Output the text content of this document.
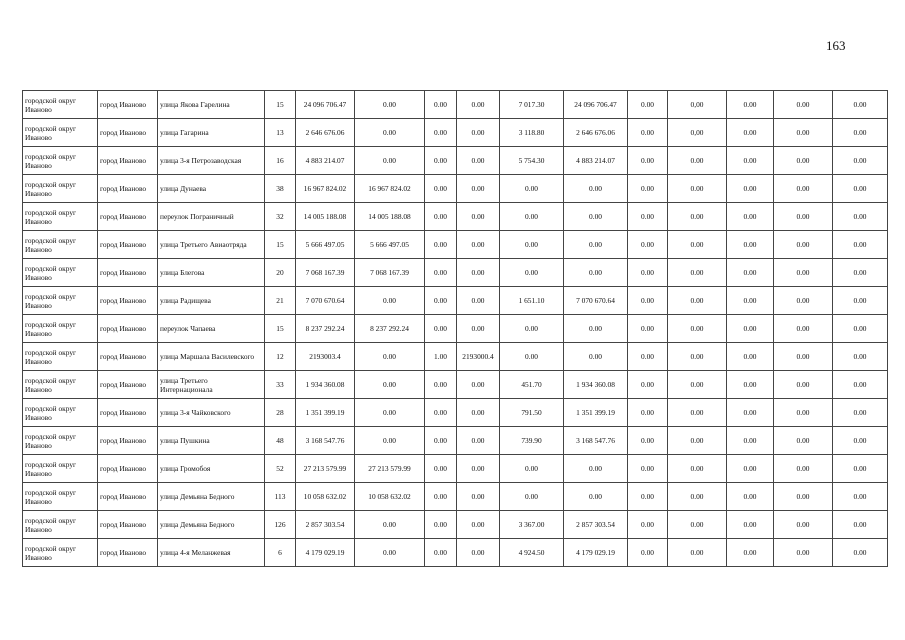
163
городской округ Иваново	город Иваново	улица Якова Гарелина	15	24 096 706.47	0.00	0.00	0.00	7 017.30	24 096 706.47	0.00	0,00	0.00	0.00	0.00
городской округ Иваново	город Иваново	улица Гагарина	13	2 646 676.06	0.00	0.00	0.00	3 118.80	2 646 676.06	0.00	0,00	0.00	0.00	0.00
городской округ Иваново	город Иваново	улица 3-я Петрозаводская	16	4 883 214.07	0.00	0.00	0.00	5 754.30	4 883 214.07	0.00	0.00	0.00	0.00	0.00
городской округ Иваново	город Иваново	улица Дунаева	38	16 967 824.02	16 967 824.02	0.00	0.00	0.00	0.00	0.00	0.00	0.00	0.00	0.00
городской округ Иваново	город Иваново	переулок Пограничный	32	14 005 188.08	14 005 188.08	0.00	0.00	0.00	0.00	0.00	0.00	0.00	0.00	0.00
городской округ Иваново	город Иваново	улица Третьего Авиаотряда	15	5 666 497.05	5 666 497.05	0.00	0.00	0.00	0.00	0.00	0.00	0.00	0.00	0.00
городской округ Иваново	город Иваново	улица Блегова	20	7 068 167.39	7 068 167.39	0.00	0.00	0.00	0.00	0.00	0.00	0.00	0.00	0.00
городской округ Иваново	город Иваново	улица Радищева	21	7 070 670.64	0.00	0.00	0.00	1 651.10	7 070 670.64	0.00	0.00	0.00	0.00	0.00
городской округ Иваново	город Иваново	переулок Чапаева	15	8 237 292.24	8 237 292.24	0.00	0.00	0.00	0.00	0.00	0.00	0.00	0.00	0.00
городской округ Иваново	город Иваново	улица Маршала Василевского	12	2193003.4	0.00	1.00	2193000.4	0.00	0.00	0.00	0.00	0.00	0.00	0.00
городской округ Иваново	город Иваново	улица Третьего Интернационала	33	1 934 360.08	0.00	0.00	0.00	451.70	1 934 360.08	0.00	0.00	0.00	0.00	0.00
городской округ Иваново	город Иваново	улица 3-я Чайковского	28	1 351 399.19	0.00	0.00	0.00	791.50	1 351 399.19	0.00	0.00	0.00	0.00	0.00
городской округ Иваново	город Иваново	улица Пушкина	48	3 168 547.76	0.00	0.00	0.00	739.90	3 168 547.76	0.00	0.00	0.00	0.00	0.00
городской округ Иваново	город Иваново	улица Громобоя	52	27 213 579.99	27 213 579.99	0.00	0.00	0.00	0.00	0.00	0.00	0.00	0.00	0.00
городской округ Иваново	город Иваново	улица Демьяна Бедного	113	10 058 632.02	10 058 632.02	0.00	0.00	0.00	0.00	0.00	0.00	0.00	0.00	0.00
городской округ Иваново	город Иваново	улица Демьяна Бедного	126	2 857 303.54	0.00	0.00	0.00	3 367.00	2 857 303.54	0.00	0.00	0.00	0.00	0.00
городской округ Иваново	город Иваново	улица 4-я Меланжевая	6	4 179 029.19	0.00	0.00	0.00	4 924.50	4 179 029.19	0.00	0.00	0.00	0.00	0.00
